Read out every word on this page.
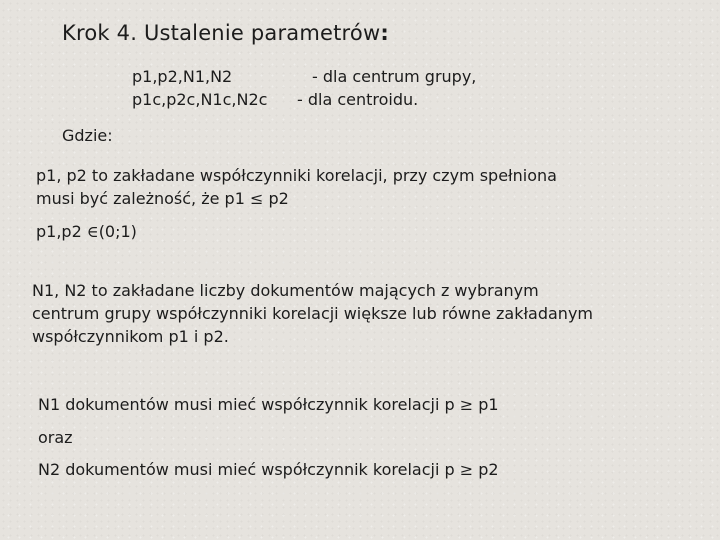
Krok 4. Ustalenie parametrów:
p1,p2,N1,N2	- dla centrum grupy,
p1c,p2c,N1c,N2c - dla centroidu.
Gdzie:
p1, p2 to zakładane współczynniki korelacji, przy czym spełniona
musi być zależność, że p1 ≤ p2
p1,p2 ∈(0;1)
N1, N2 to zakładane liczby dokumentów mających z wybranym
centrum grupy współczynniki korelacji większe lub równe zakładanym
współczynnikom p1 i p2.
N1 dokumentów musi mieć współczynnik korelacji p ≥ p1
oraz
N2 dokumentów musi mieć współczynnik korelacji p ≥ p2
